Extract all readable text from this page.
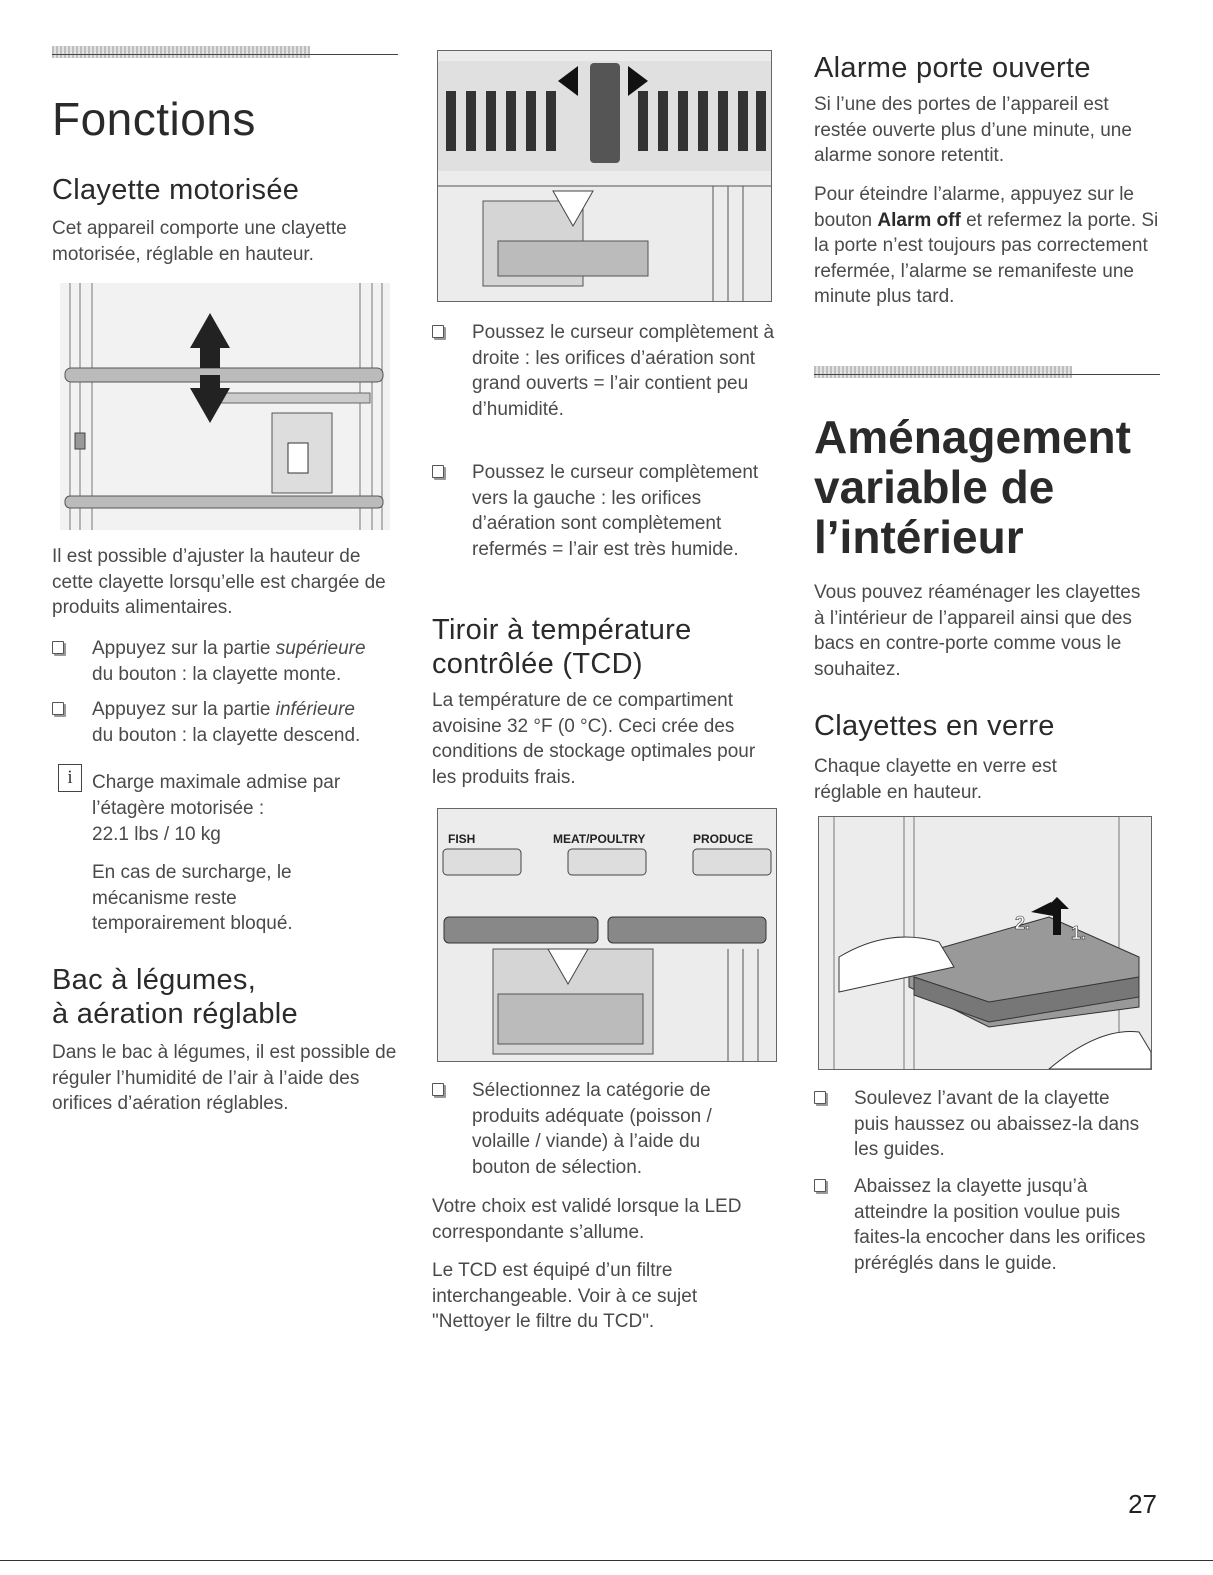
Fonctions
Clayette motorisée

Cet appareil comporte une clayette motorisée, réglable en hauteur.

Il est possible d’ajuster la hauteur de cette clayette lorsqu’elle est chargée de produits alimentaires.

Appuyez sur la partie supérieure
du bouton : la clayette monte.

Appuyez sur la partie inférieure
du bouton : la clayette descend.

i	Charge maximale admise par

l’étagère motorisée :

22.1 lbs / 10 kg

En cas de surcharge, le mécanisme reste temporairement bloqué.

Bac à légumes,
à aération réglable

Dans le bac à légumes, il est possible de réguler l’humidité de l’air à l’aide des orifices d’aération réglables.

Poussez le curseur complètement à droite : les orifices d’aération sont grand ouverts = l’air contient peu d’humidité.

Poussez le curseur complètement vers la gauche : les orifices d’aération sont complètement refermés = l’air est très humide.

Tiroir à température
contrôlée (TCD)

La température de ce compartiment avoisine 32 °F (0 °C). Ceci crée des conditions de stockage optimales pour les produits frais.

FISH	MEAT/POULTRY	PRODUCE

Sélectionnez la catégorie de produits adéquate (poisson / volaille / viande) à l’aide du bouton de sélection.

Votre choix est validé lorsque la LED correspondante s’allume.

Le TCD est équipé d’un filtre interchangeable. Voir à ce sujet "Nettoyer le filtre du TCD".

Alarme porte ouverte

Si l’une des portes de l’appareil est restée ouverte plus d’une minute, une alarme sonore retentit.

Pour éteindre l’alarme, appuyez sur le bouton Alarm off et refermez la porte. Si la porte n’est toujours pas correctement refermée, l’alarme se remanifeste une minute plus tard.

Aménagement
variable de
l’intérieur

Vous pouvez réaménager les clayettes à l’intérieur de l’appareil ainsi que des bacs en contre-porte comme vous le souhaitez.

Clayettes en verre

Chaque clayette en verre est réglable en hauteur.

1.
2.

Soulevez l’avant de la clayette puis haussez ou abaissez-la dans les guides.

Abaissez la clayette jusqu’à atteindre la position voulue puis faites-la encocher dans les orifices préréglés dans le guide.

27
